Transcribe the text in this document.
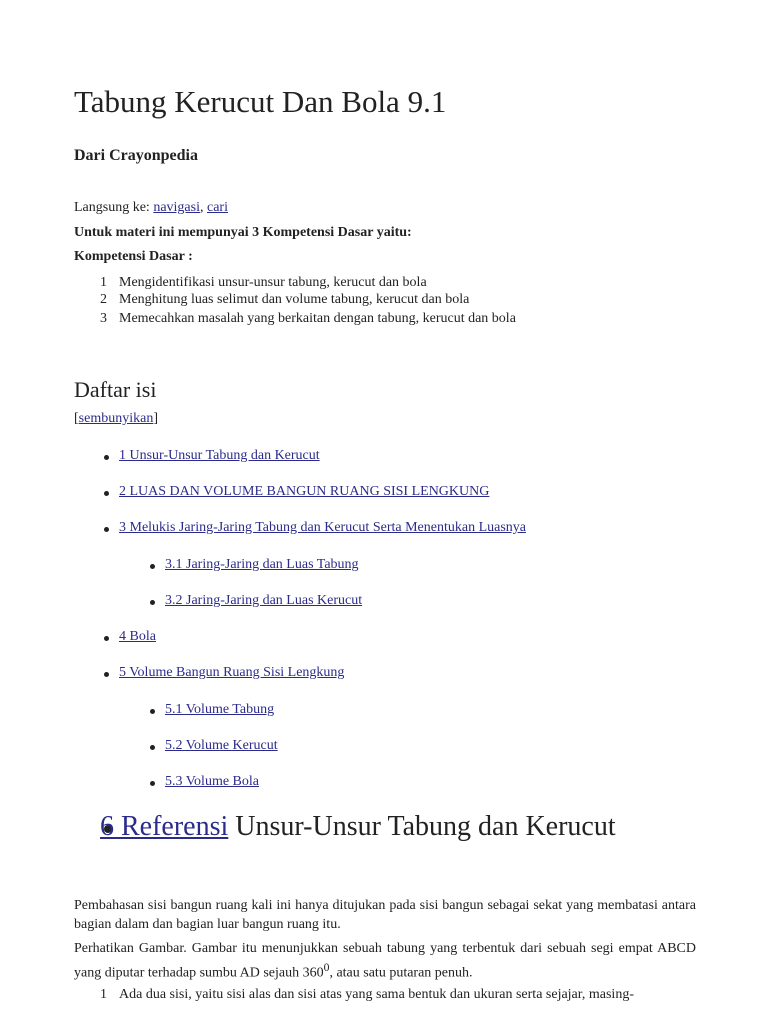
Tabung Kerucut Dan Bola 9.1
Dari Crayonpedia
Langsung ke: navigasi, cari
Untuk materi ini mempunyai 3 Kompetensi Dasar yaitu:
Kompetensi Dasar :
1 Mengidentifikasi unsur-unsur tabung, kerucut dan bola
2 Menghitung luas selimut dan volume tabung, kerucut dan bola
3 Memecahkan masalah yang berkaitan dengan tabung, kerucut dan bola
Daftar isi
[sembunyikan]
1 Unsur-Unsur Tabung dan Kerucut
2 LUAS DAN VOLUME BANGUN RUANG SISI LENGKUNG
3 Melukis Jaring-Jaring Tabung dan Kerucut Serta Menentukan Luasnya
3.1 Jaring-Jaring dan Luas Tabung
3.2 Jaring-Jaring dan Luas Kerucut
4 Bola
5 Volume Bangun Ruang Sisi Lengkung
5.1 Volume Tabung
5.2 Volume Kerucut
5.3 Volume Bola
6 Referensi Unsur-Unsur Tabung dan Kerucut
Pembahasan sisi bangun ruang kali ini hanya ditujukan pada sisi bangun sebagai sekat yang membatasi antara bagian dalam dan bagian luar bangun ruang itu.
Perhatikan Gambar. Gambar itu menunjukkan sebuah tabung yang terbentuk dari sebuah segi empat ABCD yang diputar terhadap sumbu AD sejauh $360^0$, atau satu putaran penuh.
1 Ada dua sisi, yaitu sisi alas dan sisi atas yang sama bentuk dan ukuran serta sejajar, masing-
